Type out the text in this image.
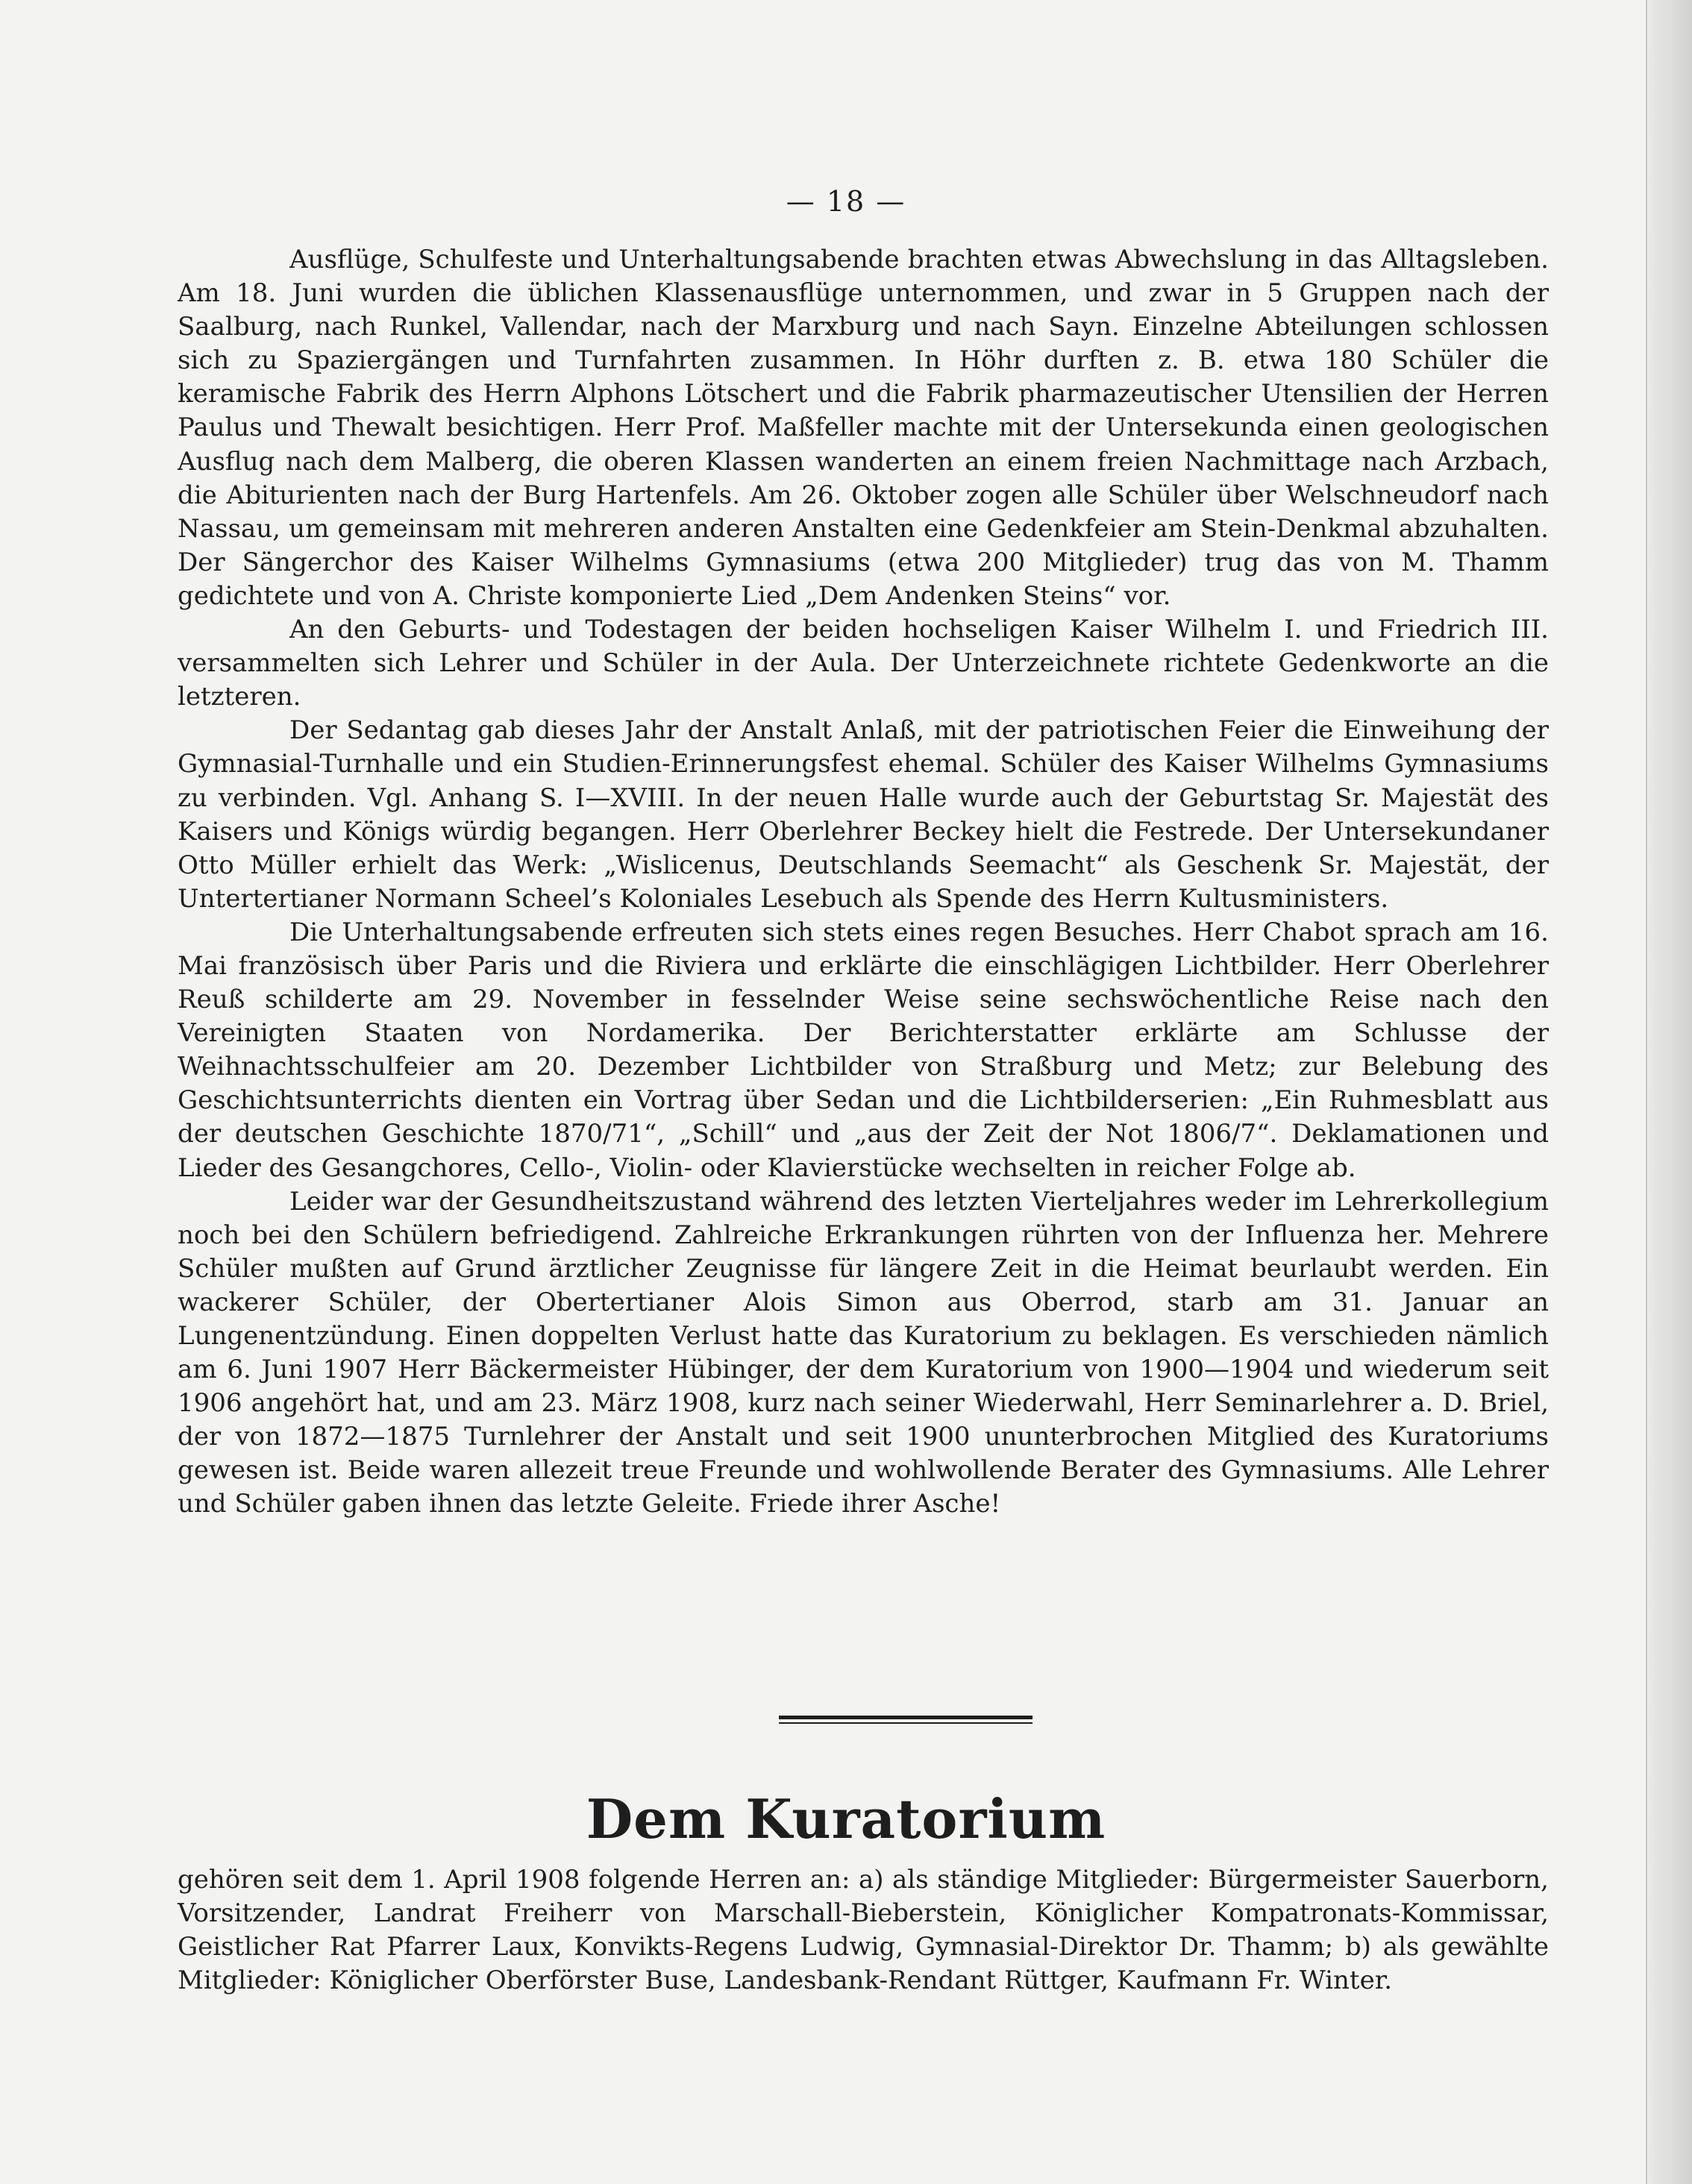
— 18 —

Ausflüge, Schulfeste und Unterhaltungsabende brachten etwas Abwechslung in das Alltagsleben. Am 18. Juni wurden die üblichen Klassenausflüge unternommen, und zwar in 5 Gruppen nach der Saalburg, nach Runkel, Vallendar, nach der Marxburg und nach Sayn. Einzelne Abteilungen schlossen sich zu Spaziergängen und Turnfahrten zusammen. In Höhr durften z. B. etwa 180 Schüler die keramische Fabrik des Herrn Alphons Lötschert und die Fabrik pharmazeutischer Utensilien der Herren Paulus und Thewalt besichtigen. Herr Prof. Maßfeller machte mit der Untersekunda einen geologischen Ausflug nach dem Malberg, die oberen Klassen wanderten an einem freien Nachmittage nach Arzbach, die Abiturienten nach der Burg Hartenfels. Am 26. Oktober zogen alle Schüler über Welschneudorf nach Nassau, um gemeinsam mit mehreren anderen Anstalten eine Gedenkfeier am Stein-Denkmal abzuhalten. Der Sängerchor des Kaiser Wilhelms Gymnasiums (etwa 200 Mitglieder) trug das von M. Thamm gedichtete und von A. Christe komponierte Lied „Dem Andenken Steins“ vor.

An den Geburts- und Todestagen der beiden hochseligen Kaiser Wilhelm I. und Friedrich III. versammelten sich Lehrer und Schüler in der Aula. Der Unterzeichnete richtete Gedenkworte an die letzteren.

Der Sedantag gab dieses Jahr der Anstalt Anlaß, mit der patriotischen Feier die Einweihung der Gymnasial-Turnhalle und ein Studien-Erinnerungsfest ehemal. Schüler des Kaiser Wilhelms Gymnasiums zu verbinden. Vgl. Anhang S. I—XVIII. In der neuen Halle wurde auch der Geburtstag Sr. Majestät des Kaisers und Königs würdig begangen. Herr Oberlehrer Beckey hielt die Festrede. Der Untersekundaner Otto Müller erhielt das Werk: „Wislicenus, Deutschlands Seemacht“ als Geschenk Sr. Majestät, der Untertertianer Normann Scheel’s Koloniales Lesebuch als Spende des Herrn Kultusministers.

Die Unterhaltungsabende erfreuten sich stets eines regen Besuches. Herr Chabot sprach am 16. Mai französisch über Paris und die Riviera und erklärte die einschlägigen Lichtbilder. Herr Oberlehrer Reuß schilderte am 29. November in fesselnder Weise seine sechswöchentliche Reise nach den Vereinigten Staaten von Nordamerika. Der Berichterstatter erklärte am Schlusse der Weihnachtsschulfeier am 20. Dezember Lichtbilder von Straßburg und Metz; zur Belebung des Geschichtsunterrichts dienten ein Vortrag über Sedan und die Lichtbilderserien: „Ein Ruhmesblatt aus der deutschen Geschichte 1870/71“, „Schill“ und „aus der Zeit der Not 1806/7“. Deklamationen und Lieder des Gesangchores, Cello-, Violin- oder Klavierstücke wechselten in reicher Folge ab.

Leider war der Gesundheitszustand während des letzten Vierteljahres weder im Lehrerkollegium noch bei den Schülern befriedigend. Zahlreiche Erkrankungen rührten von der Influenza her. Mehrere Schüler mußten auf Grund ärztlicher Zeugnisse für längere Zeit in die Heimat beurlaubt werden. Ein wackerer Schüler, der Obertertianer Alois Simon aus Oberrod, starb am 31. Januar an Lungenentzündung. Einen doppelten Verlust hatte das Kuratorium zu beklagen. Es verschieden nämlich am 6. Juni 1907 Herr Bäckermeister Hübinger, der dem Kuratorium von 1900—1904 und wiederum seit 1906 angehört hat, und am 23. März 1908, kurz nach seiner Wiederwahl, Herr Seminarlehrer a. D. Briel, der von 1872—1875 Turnlehrer der Anstalt und seit 1900 ununterbrochen Mitglied des Kuratoriums gewesen ist. Beide waren allezeit treue Freunde und wohlwollende Berater des Gymnasiums. Alle Lehrer und Schüler gaben ihnen das letzte Geleite. Friede ihrer Asche!

Dem Kuratorium
gehören seit dem 1. April 1908 folgende Herren an: a) als ständige Mitglieder: Bürgermeister Sauerborn, Vorsitzender, Landrat Freiherr von Marschall-Bieberstein, Königlicher Kompatronats-Kommissar, Geistlicher Rat Pfarrer Laux, Konvikts-Regens Ludwig, Gymnasial-Direktor Dr. Thamm; b) als gewählte Mitglieder: Königlicher Oberförster Buse, Landesbank-Rendant Rüttger, Kaufmann Fr. Winter.
